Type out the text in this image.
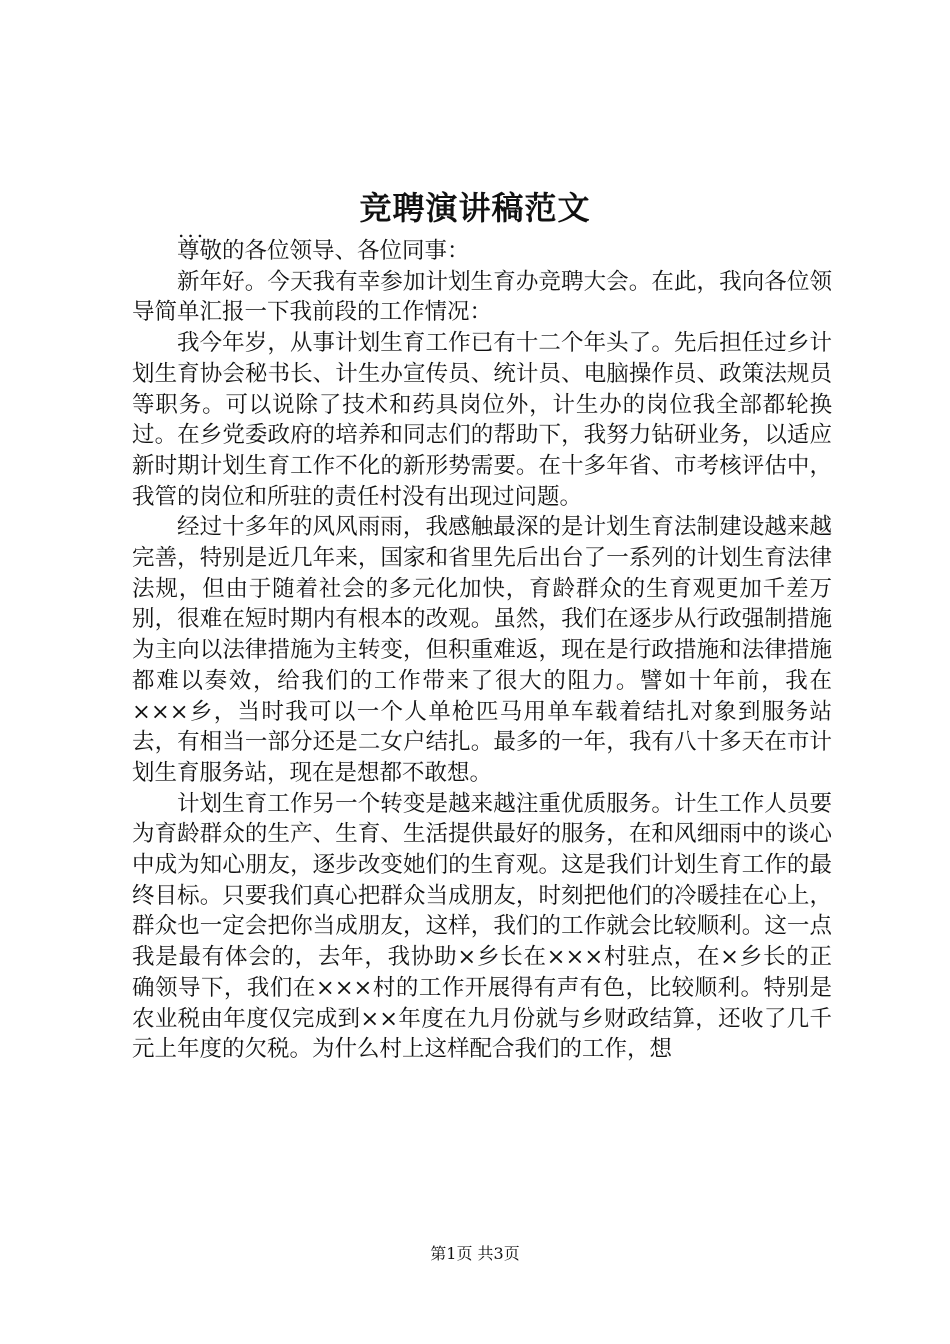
竞聘演讲稿范文
...

尊敬的各位领导、各位同事：

新年好。今天我有幸参加计划生育办竞聘大会。在此，我向各位领导简单汇报一下我前段的工作情况：

我今年岁，从事计划生育工作已有十二个年头了。先后担任过乡计划生育协会秘书长、计生办宣传员、统计员、电脑操作员、政策法规员等职务。可以说除了技术和药具岗位外，计生办的岗位我全部都轮换过。在乡党委政府的培养和同志们的帮助下，我努力钻研业务，以适应新时期计划生育工作不化的新形势需要。在十多年省、市考核评估中，我管的岗位和所驻的责任村没有出现过问题。

经过十多年的风风雨雨，我感触最深的是计划生育法制建设越来越完善，特别是近几年来，国家和省里先后出台了一系列的计划生育法律法规，但由于随着社会的多元化加快，育龄群众的生育观更加千差万别，很难在短时期内有根本的改观。虽然，我们在逐步从行政强制措施为主向以法律措施为主转变，但积重难返，现在是行政措施和法律措施都难以奏效，给我们的工作带来了很大的阻力。譬如十年前，我在×××乡，当时我可以一个人单枪匹马用单车载着结扎对象到服务站去，有相当一部分还是二女户结扎。最多的一年，我有八十多天在市计划生育服务站，现在是想都不敢想。

计划生育工作另一个转变是越来越注重优质服务。计生工作人员要为育龄群众的生产、生育、生活提供最好的服务，在和风细雨中的谈心中成为知心朋友，逐步改变她们的生育观。这是我们计划生育工作的最终目标。只要我们真心把群众当成朋友，时刻把他们的冷暖挂在心上，群众也一定会把你当成朋友，这样，我们的工作就会比较顺利。这一点我是最有体会的，去年，我协助×乡长在×××村驻点，在×乡长的正确领导下，我们在×××村的工作开展得有声有色，比较顺利。特别是农业税由年度仅完成到××年度在九月份就与乡财政结算，还收了几千元上年度的欠税。为什么村上这样配合我们的工作，想

第1页 共3页
